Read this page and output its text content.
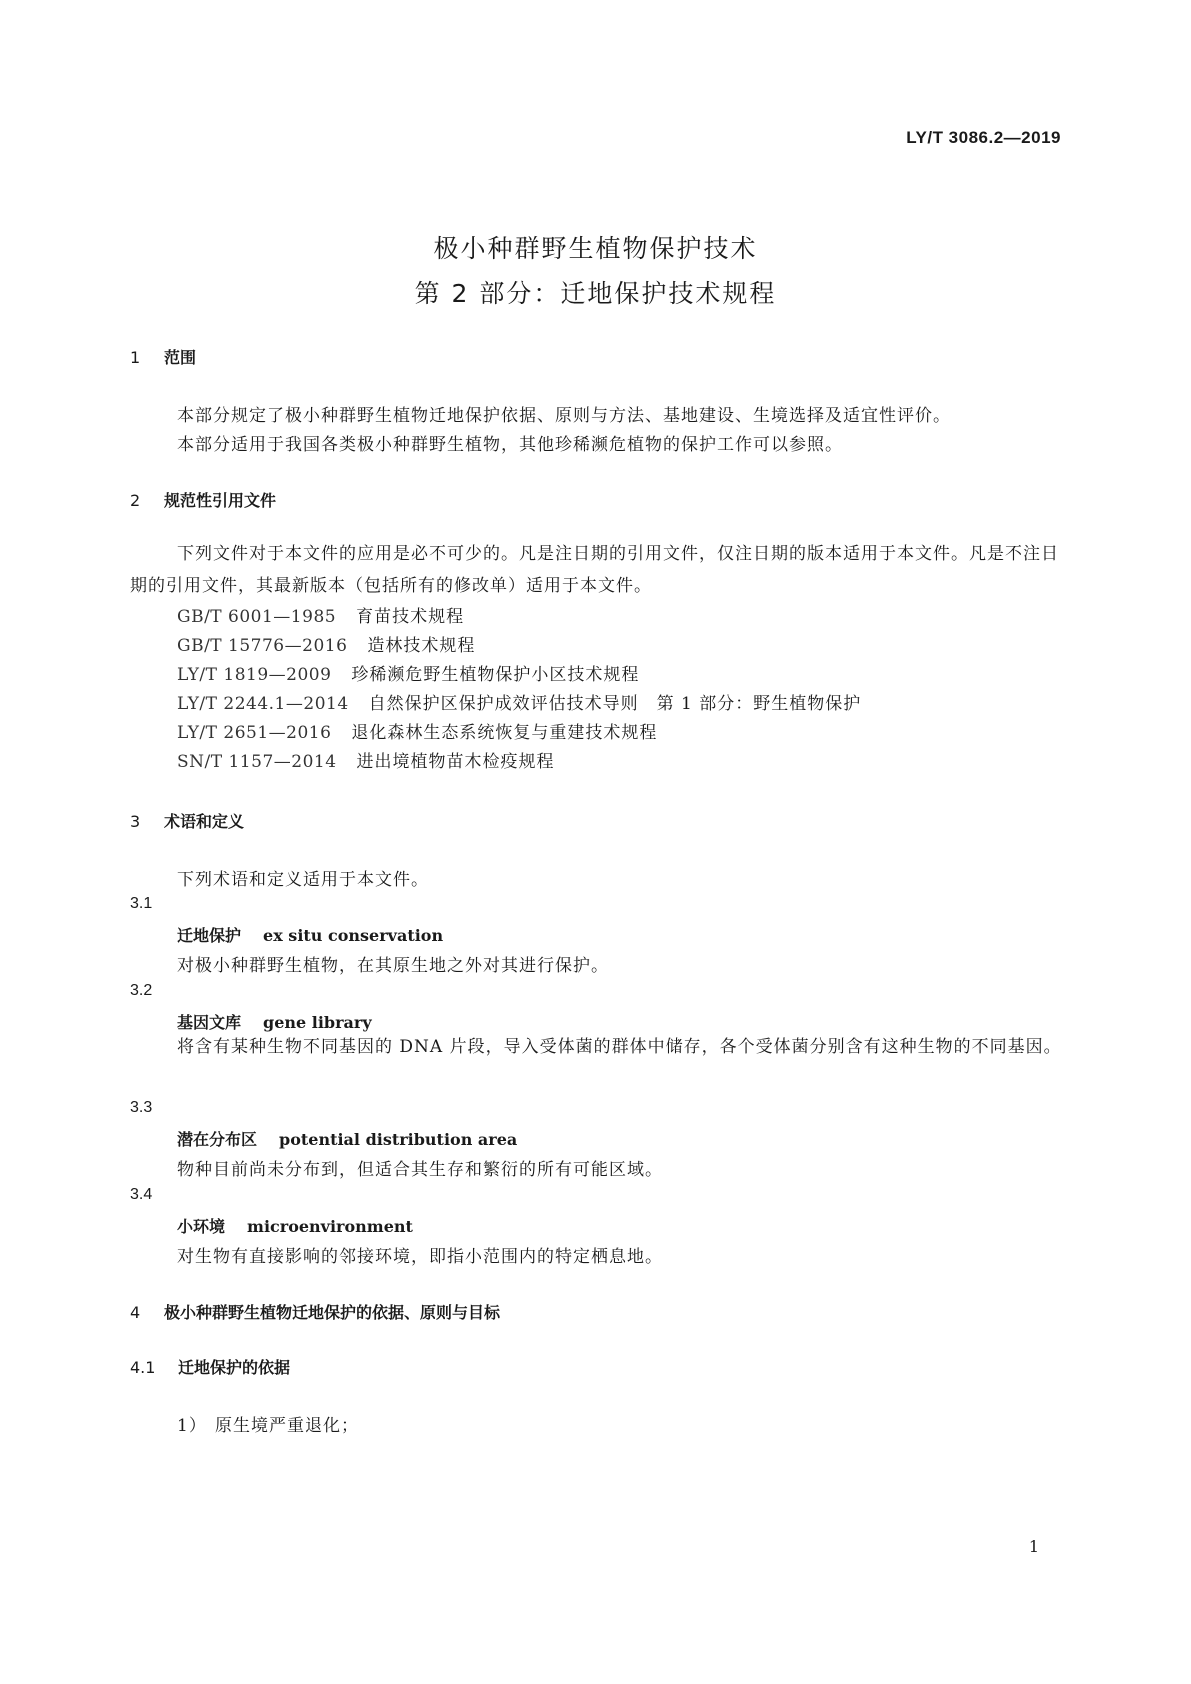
LY/T 3086.2—2019
极小种群野生植物保护技术
第 2 部分：迁地保护技术规程
1 范围
本部分规定了极小种群野生植物迁地保护依据、原则与方法、基地建设、生境选择及适宜性评价。
本部分适用于我国各类极小种群野生植物，其他珍稀濒危植物的保护工作可以参照。
2 规范性引用文件
下列文件对于本文件的应用是必不可少的。凡是注日期的引用文件，仅注日期的版本适用于本文件。凡是不注日期的引用文件，其最新版本（包括所有的修改单）适用于本文件。
GB/T 6001—1985 育苗技术规程
GB/T 15776—2016 造林技术规程
LY/T 1819—2009 珍稀濒危野生植物保护小区技术规程
LY/T 2244.1—2014 自然保护区保护成效评估技术导则　第 1 部分：野生植物保护
LY/T 2651—2016 退化森林生态系统恢复与重建技术规程
SN/T 1157—2014 进出境植物苗木检疫规程
3 术语和定义
下列术语和定义适用于本文件。
3.1
迁地保护 ex situ conservation
对极小种群野生植物，在其原生地之外对其进行保护。
3.2
基因文库 gene library
将含有某种生物不同基因的 DNA 片段，导入受体菌的群体中储存，各个受体菌分别含有这种生物的不同基因。
3.3
潜在分布区 potential distribution area
物种目前尚未分布到，但适合其生存和繁衍的所有可能区域。
3.4
小环境 microenvironment
对生物有直接影响的邻接环境，即指小范围内的特定栖息地。
4 极小种群野生植物迁地保护的依据、原则与目标
4.1 迁地保护的依据
1） 原生境严重退化；
1
